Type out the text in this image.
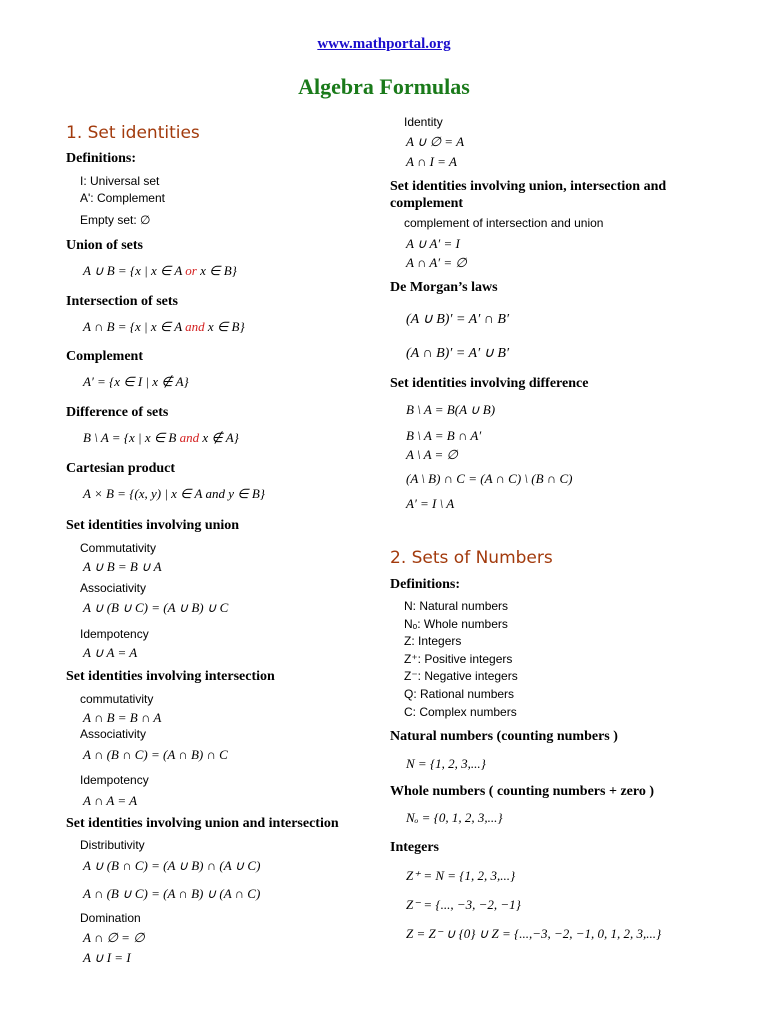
www.mathportal.org
Algebra Formulas
1. Set identities
Definitions:
I: Universal set
A': Complement
Empty set: ∅
Union of sets
A ∪ B = {x | x ∈ A or x ∈ B}
Intersection of sets
A ∩ B = {x | x ∈ A and x ∈ B}
Complement
A′ = {x ∈ I | x ∉ A}
Difference of sets
B \ A = {x | x ∈ B and x ∉ A}
Cartesian product
A × B = {(x, y) | x ∈ A and y ∈ B}
Set identities involving union
Commutativity
A ∪ B = B ∪ A
Associativity
A ∪ (B ∪ C) = (A ∪ B) ∪ C
Idempotency
A ∪ A = A
Set identities involving intersection
commutativity
A ∩ B = B ∩ A
Associativity
A ∩ (B ∩ C) = (A ∩ B) ∩ C
Idempotency
A ∩ A = A
Set identities involving union and intersection
Distributivity
A ∪ (B ∩ C) = (A ∪ B) ∩ (A ∪ C)
A ∩ (B ∪ C) = (A ∩ B) ∪ (A ∩ C)
Domination
A ∩ ∅ = ∅
A ∪ I = I
Identity
A ∪ ∅ = A
A ∩ I = A
Set identities involving union, intersection and complement
complement of intersection and union
A ∪ A′ = I
A ∩ A′ = ∅
De Morgan’s laws
(A ∪ B)′ = A′ ∩ B′
(A ∩ B)′ = A′ ∪ B′
Set identities involving difference
B \ A = B(A ∪ B)
B \ A = B ∩ A′
A \ A = ∅
(A \ B) ∩ C = (A ∩ C) \ (B ∩ C)
A′ = I \ A
2. Sets of Numbers
Definitions:
N: Natural numbers
Nₒ: Whole numbers
Z: Integers
Z⁺: Positive integers
Z⁻: Negative integers
Q: Rational numbers
C: Complex numbers
Natural numbers (counting numbers )
N = {1, 2, 3,...}
Whole numbers ( counting numbers + zero )
Nₒ = {0, 1, 2, 3,...}
Integers
Z⁺ = N = {1, 2, 3,...}
Z⁻ = {..., −3, −2, −1}
Z = Z⁻ ∪ {0} ∪ Z = {...,−3, −2, −1, 0, 1, 2, 3,...}
